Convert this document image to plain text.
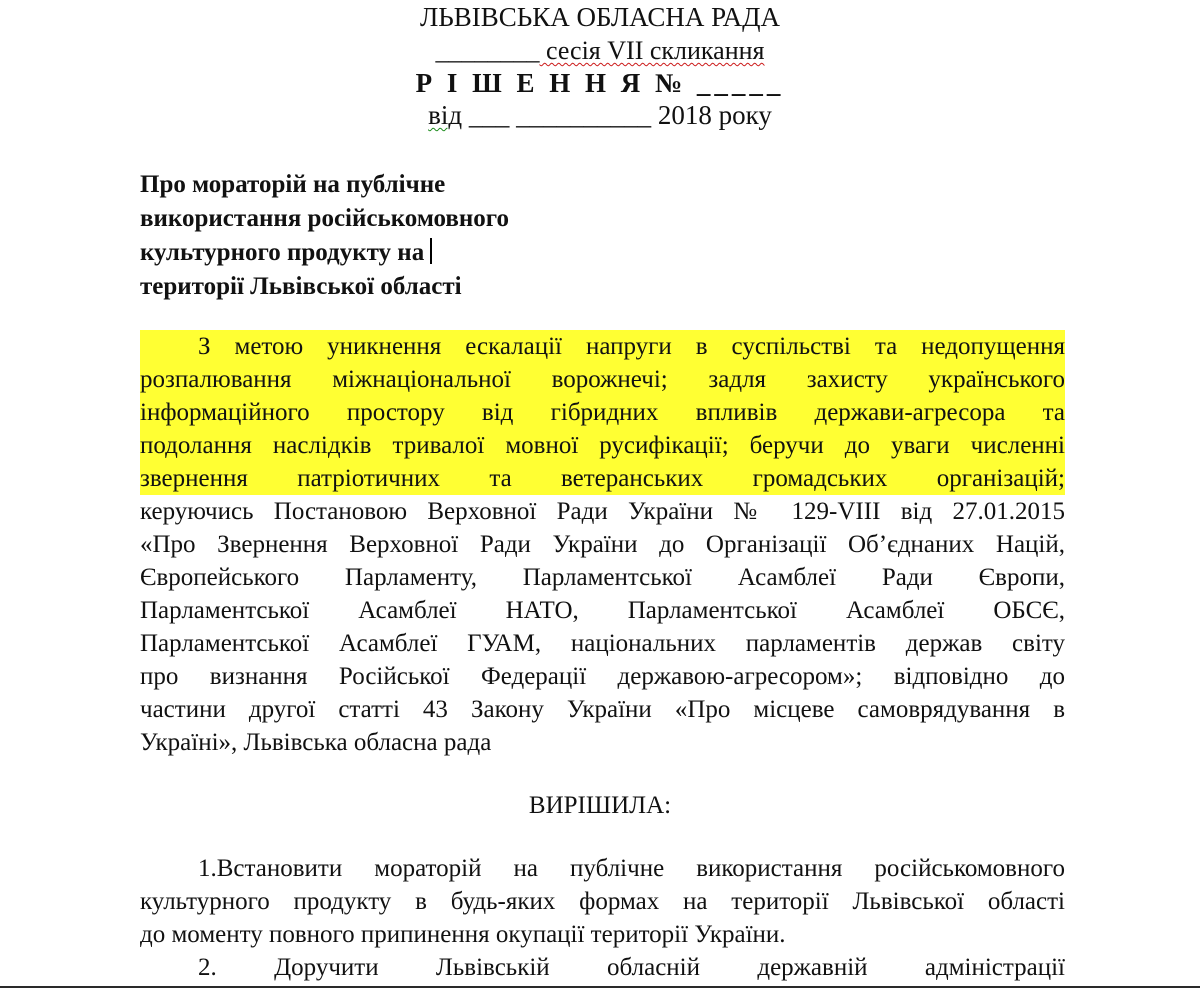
ЛЬВІВСЬКА ОБЛАСНА РАДА
________ сесія VII скликання
Р І Ш Е Н Н Я № _____
від ___ __________ 2018 року
Про мораторій на публічне
використання російськомовного
культурного продукту на
території Львівської області
З метою уникнення ескалації напруги в суспільстві та недопущення
розпалювання міжнаціональної ворожнечі; задля захисту українського
інформаційного простору від гібридних впливів держави-агресора та
подолання наслідків тривалої мовної русифікації; беручи до уваги численні
звернення патріотичних та ветеранських громадських організацій;
керуючись Постановою Верховної Ради України № 129-VIII від 27.01.2015
«Про Звернення Верховної Ради України до Організації Об’єднаних Націй,
Європейського Парламенту, Парламентської Асамблеї Ради Європи,
Парламентської Асамблеї НАТО, Парламентської Асамблеї ОБСЄ,
Парламентської Асамблеї ГУАМ, національних парламентів держав світу
про визнання Російської Федерації державою-агресором»; відповідно до
частини другої статті 43 Закону України «Про місцеве самоврядування в
Україні», Львівська обласна рада
ВИРІШИЛА:
1.Встановити мораторій на публічне використання російськомовного
культурного продукту в будь-яких формах на території Львівської області
до моменту повного припинення окупації території України.
2. Доручити Львівській обласній державній адміністрації
